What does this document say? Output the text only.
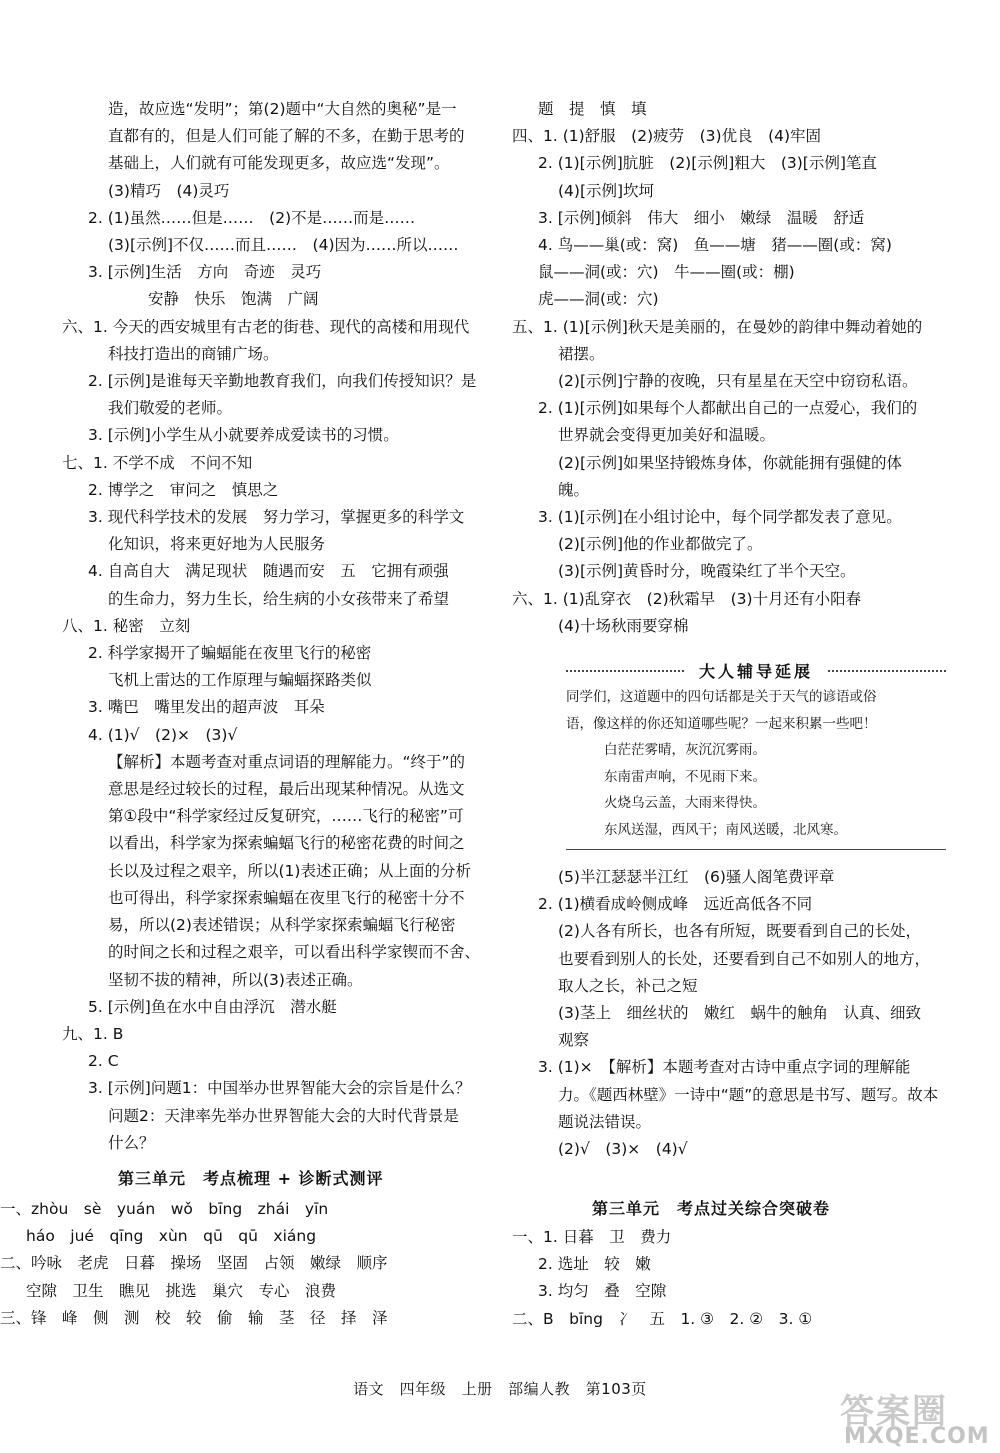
造，故应选“发明”；第(2)题中“大自然的奥秘”是一
直都有的，但是人们可能了解的不多，在勤于思考的
基础上，人们就有可能发现更多，故应选“发现”。
(3)精巧　(4)灵巧
2. (1)虽然……但是……　(2)不是……而是……
(3)[示例]不仅……而且……　(4)因为……所以……
3. [示例]生活　方向　奇迹　灵巧
安静　快乐　饱满　广阔
六、1. 今天的西安城里有古老的街巷、现代的高楼和用现代
科技打造出的商铺广场。
2. [示例]是谁每天辛勤地教育我们，向我们传授知识？是
我们敬爱的老师。
3. [示例]小学生从小就要养成爱读书的习惯。
七、1. 不学不成　不问不知
2. 博学之　审问之　慎思之
3. 现代科学技术的发展　努力学习，掌握更多的科学文
化知识，将来更好地为人民服务
4. 自高自大　满足现状　随遇而安　五　它拥有顽强
的生命力，努力生长，给生病的小女孩带来了希望
八、1. 秘密　立刻
2. 科学家揭开了蝙蝠能在夜里飞行的秘密
飞机上雷达的工作原理与蝙蝠探路类似
3. 嘴巴　嘴里发出的超声波　耳朵
4. (1)√　(2)×　(3)√
【解析】本题考查对重点词语的理解能力。“终于”的
意思是经过较长的过程，最后出现某种情况。从选文
第①段中“科学家经过反复研究，……飞行的秘密”可
以看出，科学家为探索蝙蝠飞行的秘密花费的时间之
长以及过程之艰辛，所以(1)表述正确；从上面的分析
也可得出，科学家探索蝙蝠在夜里飞行的秘密十分不
易，所以(2)表述错误；从科学家探索蝙蝠飞行秘密
的时间之长和过程之艰辛，可以看出科学家锲而不舍、
坚韧不拔的精神，所以(3)表述正确。
5. [示例]鱼在水中自由浮沉　潜水艇
九、1. B
2. C
3. [示例]问题1：中国举办世界智能大会的宗旨是什么？
问题2：天津率先举办世界智能大会的大时代背景是
什么？
第三单元　考点梳理 + 诊断式测评
一、zhòu　sè　yuán　wǒ　bīng　zhái　yīn
háo　jué　qīng　xùn　qū　qū　xiáng
二、吟咏　老虎　日暮　操场　坚固　占领　嫩绿　顺序
空隙　卫生　瞧见　挑选　巢穴　专心　浪费
三、锋　峰　侧　测　校　较　偷　输　茎　径　择　泽
题　提　慎　填
四、1. (1)舒服　(2)疲劳　(3)优良　(4)牢固
2. (1)[示例]肮脏　(2)[示例]粗大　(3)[示例]笔直
(4)[示例]坎坷
3. [示例]倾斜　伟大　细小　嫩绿　温暖　舒适
4. 鸟——巢(或：窝)　鱼——塘　猪——圈(或：窝)
鼠——洞(或：穴)　牛——圈(或：棚)
虎——洞(或：穴)
五、1. (1)[示例]秋天是美丽的，在曼妙的韵律中舞动着她的
裙摆。
(2)[示例]宁静的夜晚，只有星星在天空中窃窃私语。
2. (1)[示例]如果每个人都献出自己的一点爱心，我们的
世界就会变得更加美好和温暖。
(2)[示例]如果坚持锻炼身体，你就能拥有强健的体
魄。
3. (1)[示例]在小组讨论中，每个同学都发表了意见。
(2)[示例]他的作业都做完了。
(3)[示例]黄昏时分，晚霞染红了半个天空。
六、1. (1)乱穿衣　(2)秋霜早　(3)十月还有小阳春
(4)十场秋雨要穿棉
大人辅导延展
同学们，这道题中的四句话都是关于天气的谚语或俗
语，像这样的你还知道哪些呢？一起来积累一些吧！
白茫茫雾晴，灰沉沉雾雨。
东南雷声响，不见雨下来。
火烧乌云盖，大雨来得快。
东风送湿，西风干；南风送暖，北风寒。
(5)半江瑟瑟半江红　(6)骚人阁笔费评章
2. (1)横看成岭侧成峰　远近高低各不同
(2)人各有所长，也各有所短，既要看到自己的长处，
也要看到别人的长处，还要看到自己不如别人的地方，
取人之长，补己之短
(3)茎上　细丝状的　嫩红　蜗牛的触角　认真、细致
观察
3. (1)×　【解析】本题考查对古诗中重点字词的理解能
力。《题西林壁》一诗中“题”的意思是书写、题写。故本
题说法错误。
(2)√　(3)×　(4)√
第三单元　考点过关综合突破卷
一、1. 日暮　卫　费力
2. 选址　较　嫩
3. 均匀　叠　空隙
二、B　bīng　冫　五　1. ③　2. ②　3. ①
语文　四年级　上册　部编人教　第103页
答案圈
MXQE.COM
